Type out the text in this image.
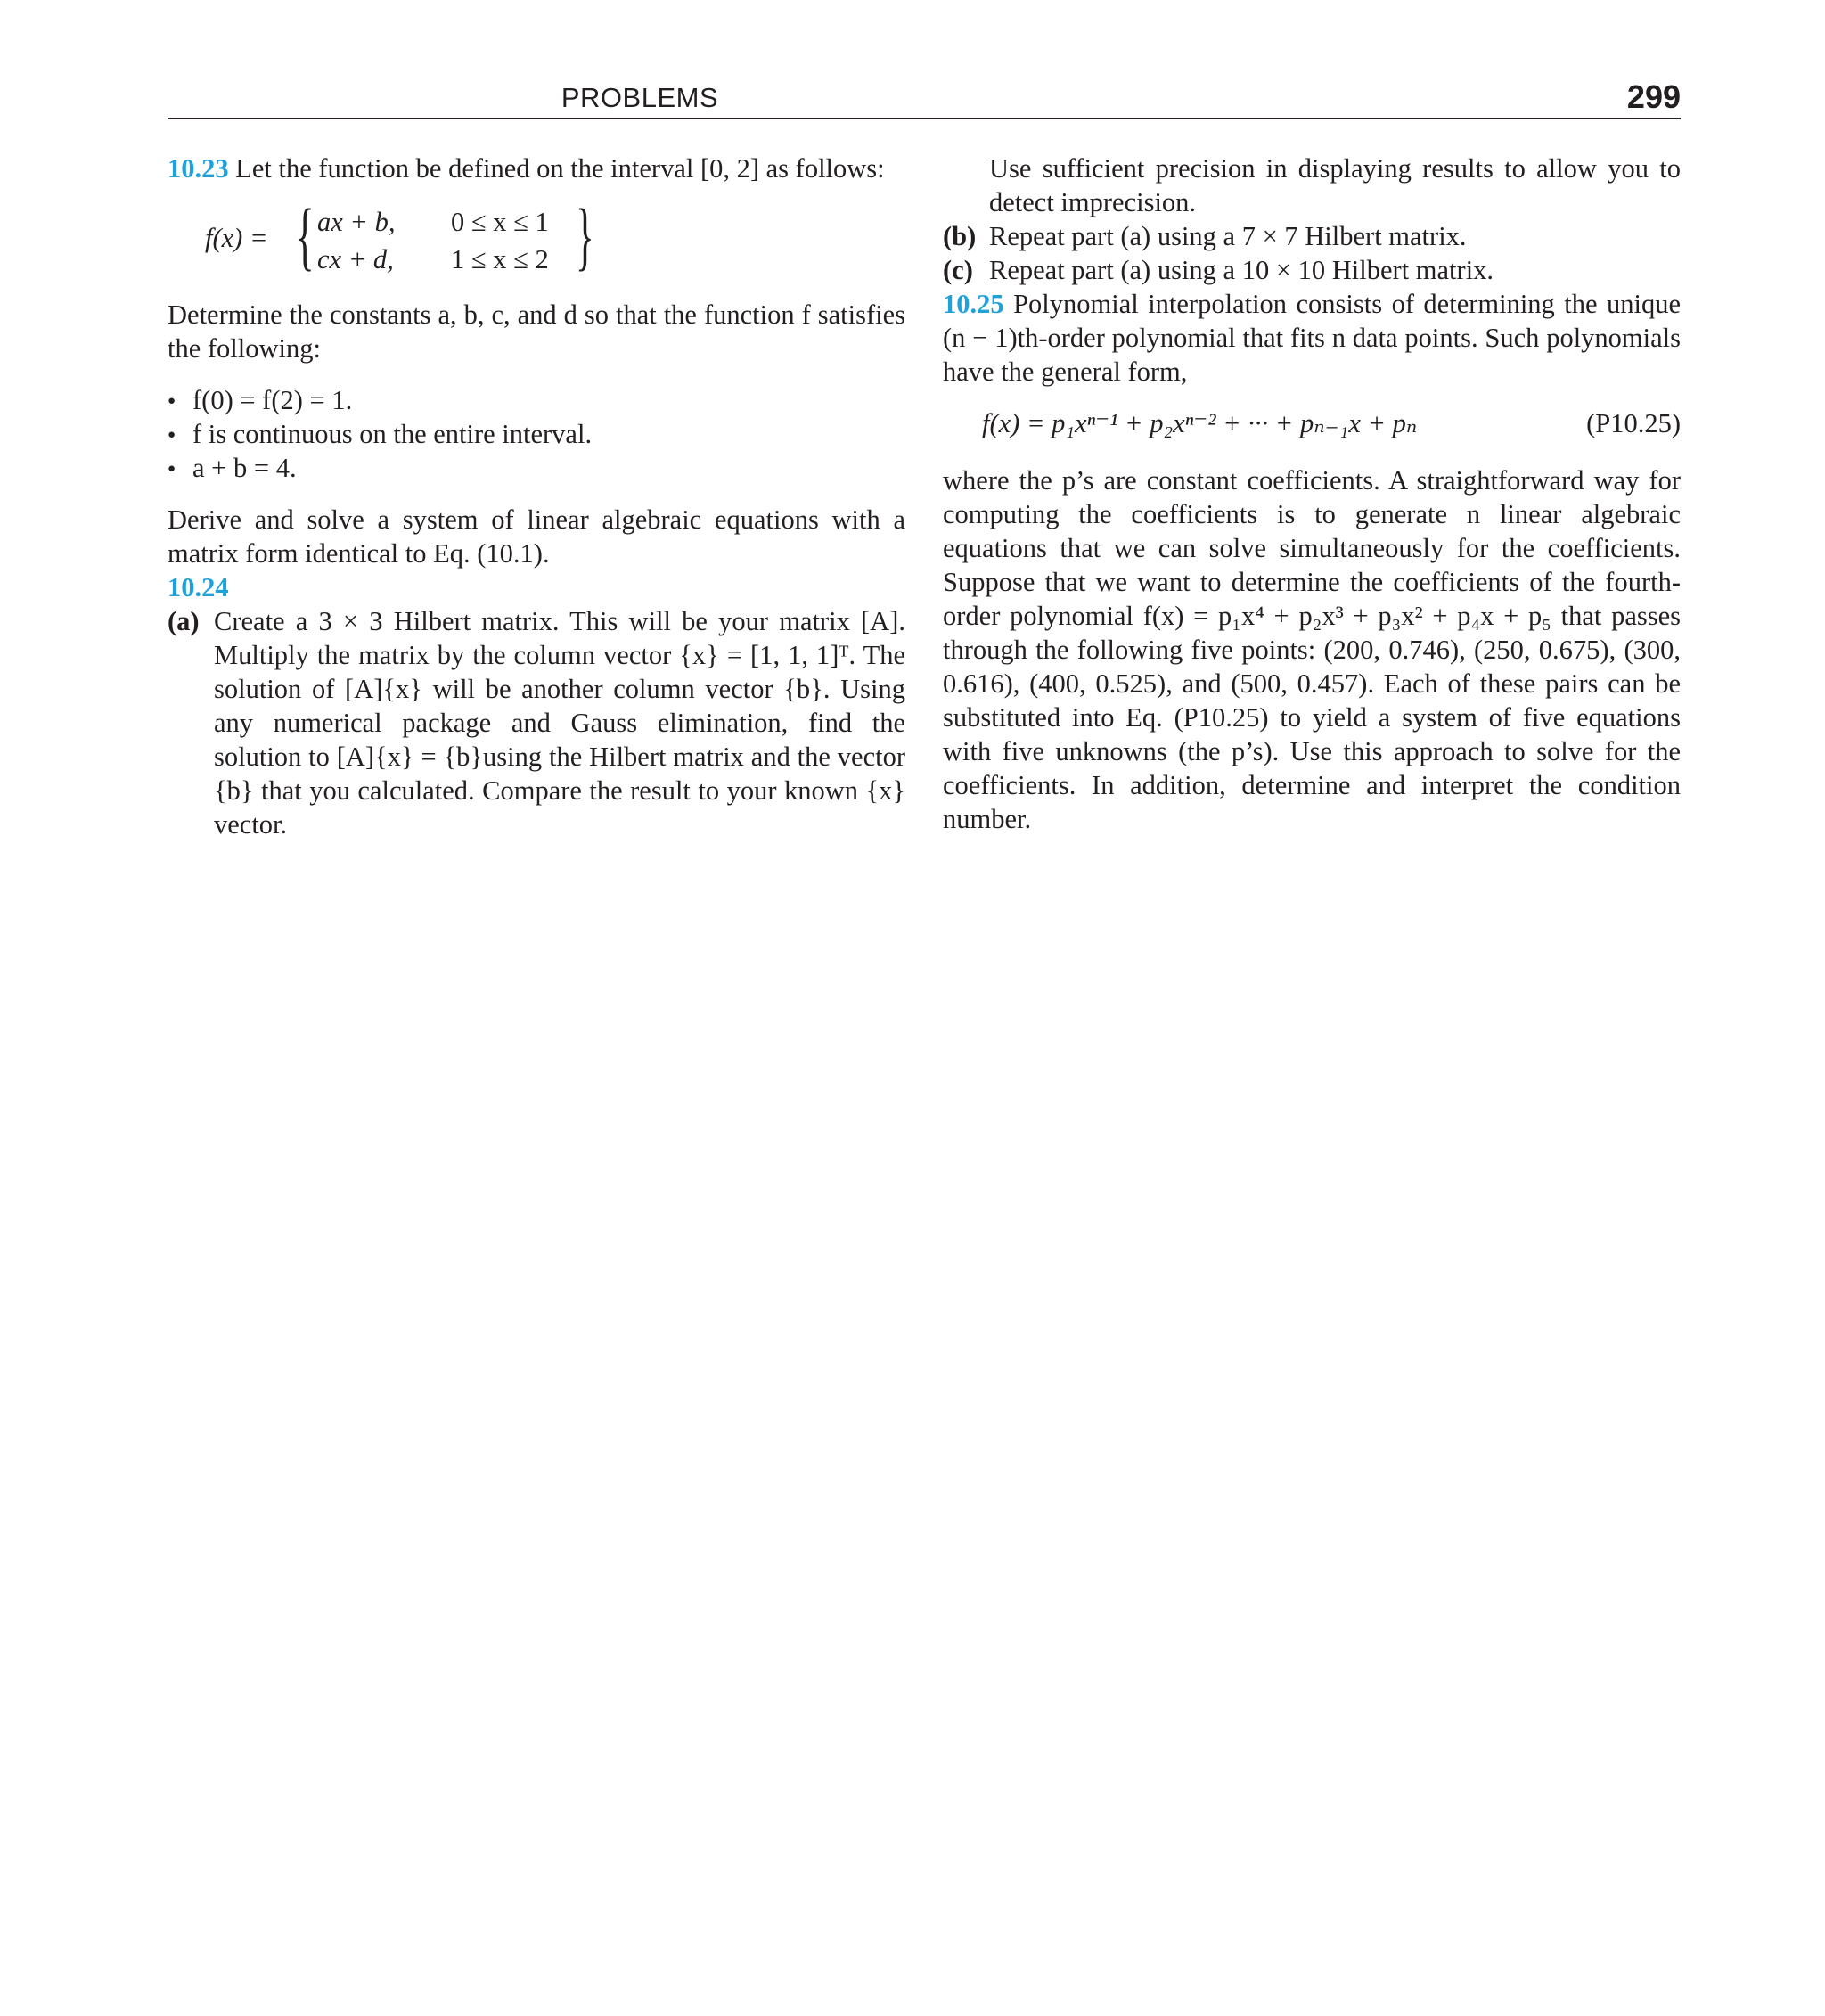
PROBLEMS	299

10.23 Let the function be defined on the interval [0, 2] as follows:

f(x) = { ax + b,	0 ≤ x ≤ 1
cx + d,	1 ≤ x ≤ 2 }

Determine the constants a, b, c, and d so that the function f satisfies the following:

● f(0) = f(2) = 1.
● f is continuous on the entire interval.
● a + b = 4.

Derive and solve a system of linear algebraic equations with a matrix form identical to Eq. (10.1).

10.24

(a) Create a 3 × 3 Hilbert matrix. This will be your matrix [A]. Multiply the matrix by the column vector {x} = [1, 1, 1]ᵀ. The solution of [A]{x} will be another column vector {b}. Using any numerical package and Gauss elimination, find the solution to [A]{x} = {b}using the Hilbert matrix and the vector {b} that you calculated. Compare the result to your known {x} vector.

Use sufficient precision in displaying results to allow you to detect imprecision.

(b) Repeat part (a) using a 7 × 7 Hilbert matrix.
(c) Repeat part (a) using a 10 × 10 Hilbert matrix.

10.25 Polynomial interpolation consists of determining the unique (n − 1)th-order polynomial that fits n data points. Such polynomials have the general form,

f(x) = p₁xⁿ⁻¹ + p₂xⁿ⁻² + ··· + pₙ₋₁x + pₙ	(P10.25)

where the p’s are constant coefficients. A straightforward way for computing the coefficients is to generate n linear algebraic equations that we can solve simultaneously for the coefficients. Suppose that we want to determine the coefficients of the fourth-order polynomial f(x) = p₁x⁴ + p₂x³ + p₃x² + p₄x + p₅ that passes through the following five points: (200, 0.746), (250, 0.675), (300, 0.616), (400, 0.525), and (500, 0.457). Each of these pairs can be substituted into Eq. (P10.25) to yield a system of five equations with five unknowns (the p’s). Use this approach to solve for the coefficients. In addition, determine and interpret the condition number.
